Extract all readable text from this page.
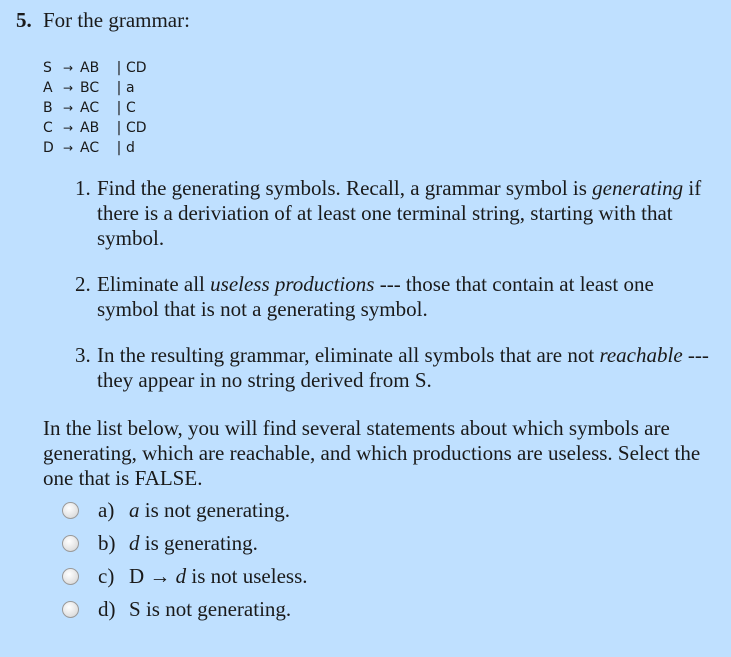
5. For the grammar:
S → AB	| CD
A → BC	| a
B → AC	| C
C → AB	| CD
D → AC	| d
1. Find the generating symbols. Recall, a grammar symbol is generating if there is a deriviation of at least one terminal string, starting with that symbol.
2. Eliminate all useless productions --- those that contain at least one symbol that is not a generating symbol.
3. In the resulting grammar, eliminate all symbols that are not reachable --- they appear in no string derived from S.
In the list below, you will find several statements about which symbols are generating, which are reachable, and which productions are useless. Select the one that is FALSE.
a) a is not generating.
b) d is generating.
c) D → d is not useless.
d) S is not generating.
